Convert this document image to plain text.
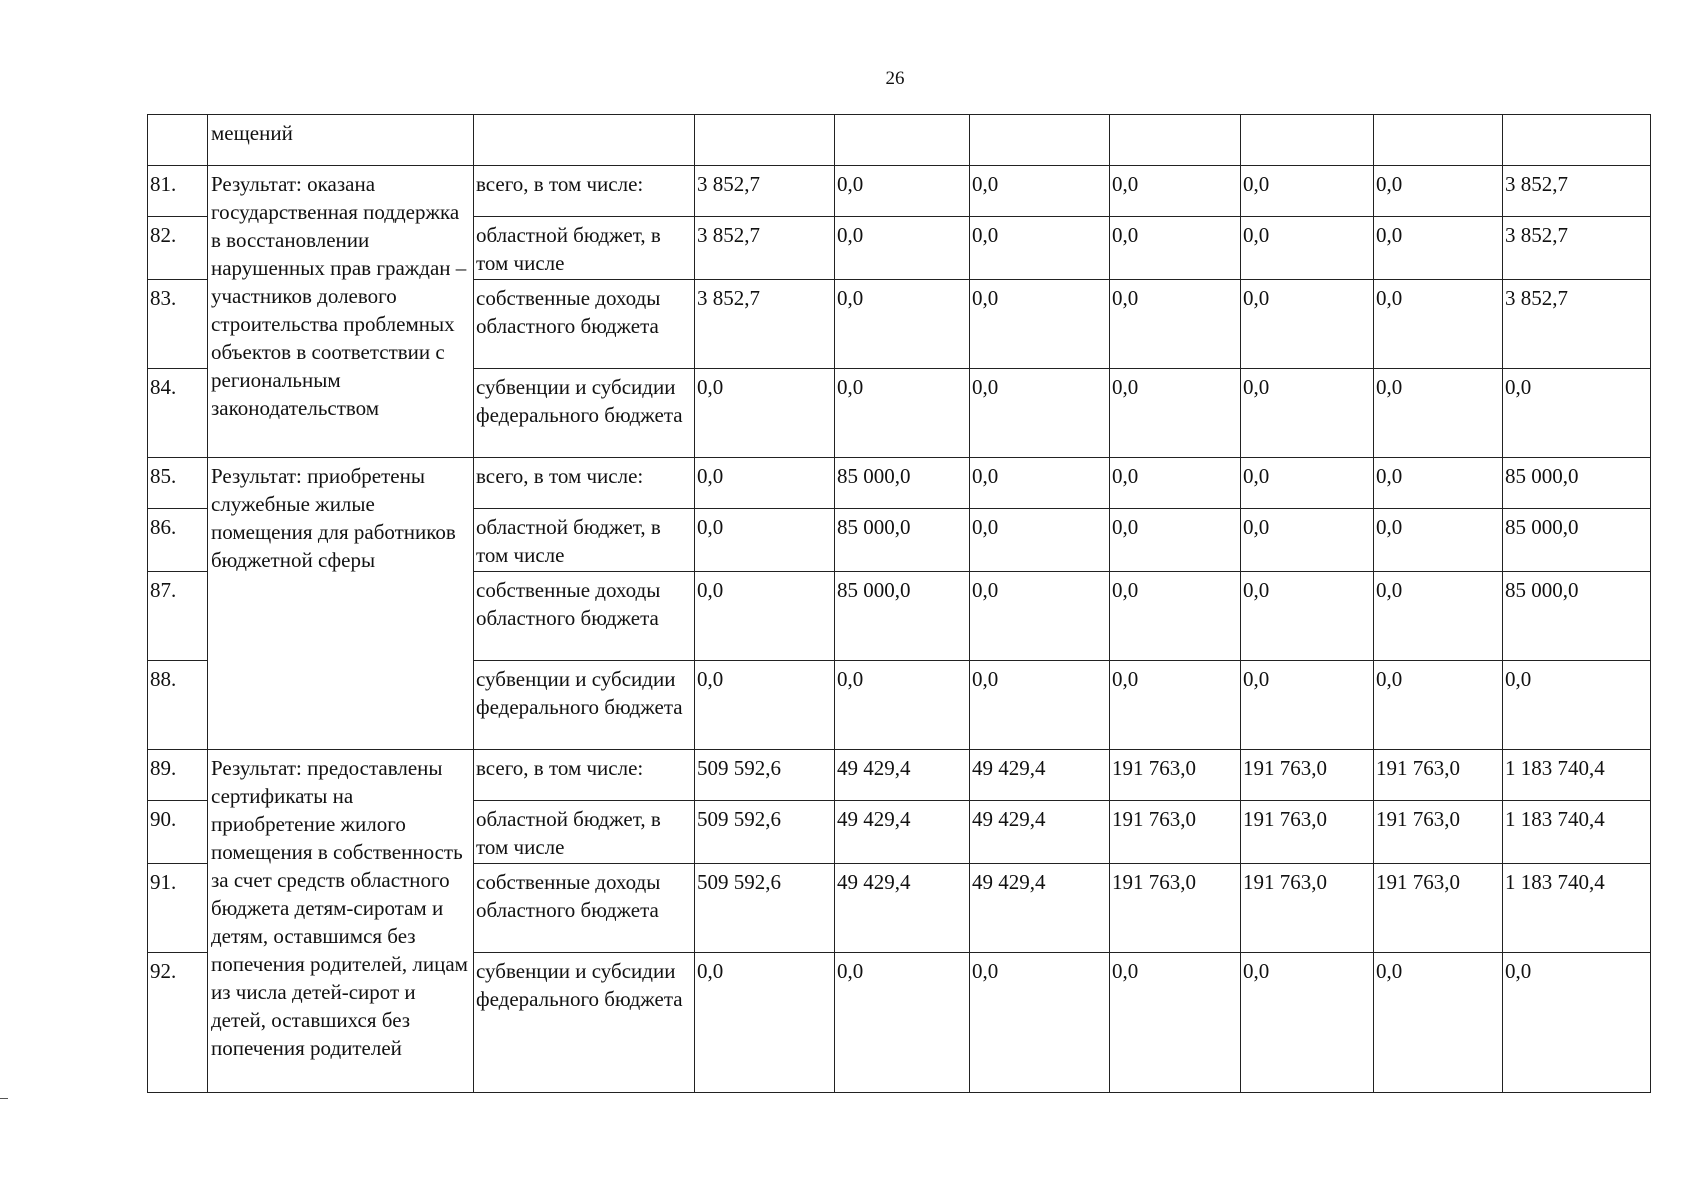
26
	мещений								
81.	Результат: оказана государственная поддержка в восстановлении нарушенных прав граждан – участников долевого строительства проблемных объектов в соответствии с региональным законодательством	всего, в том числе:	3 852,7	0,0	0,0	0,0	0,0	0,0	3 852,7
82.		областной бюджет, в том числе	3 852,7	0,0	0,0	0,0	0,0	0,0	3 852,7
83.		собственные доходы областного бюджета	3 852,7	0,0	0,0	0,0	0,0	0,0	3 852,7
84.		субвенции и субсидии федерального бюджета	0,0	0,0	0,0	0,0	0,0	0,0	0,0
85.	Результат: приобретены служебные жилые помещения для работников бюджетной сферы	всего, в том числе:	0,0	85 000,0	0,0	0,0	0,0	0,0	85 000,0
86.		областной бюджет, в том числе	0,0	85 000,0	0,0	0,0	0,0	0,0	85 000,0
87.		собственные доходы областного бюджета	0,0	85 000,0	0,0	0,0	0,0	0,0	85 000,0
88.		субвенции и субсидии федерального бюджета	0,0	0,0	0,0	0,0	0,0	0,0	0,0
89.	Результат: предоставлены сертификаты на приобретение жилого помещения в собственность за счет средств областного бюджета детям-сиротам и детям, оставшимся без попечения родителей, лицам из числа детей-сирот и детей, оставшихся без попечения родителей	всего, в том числе:	509 592,6	49 429,4	49 429,4	191 763,0	191 763,0	191 763,0	1 183 740,4
90.		областной бюджет, в том числе	509 592,6	49 429,4	49 429,4	191 763,0	191 763,0	191 763,0	1 183 740,4
91.		собственные доходы областного бюджета	509 592,6	49 429,4	49 429,4	191 763,0	191 763,0	191 763,0	1 183 740,4
92.		субвенции и субсидии федерального бюджета	0,0	0,0	0,0	0,0	0,0	0,0	0,0
